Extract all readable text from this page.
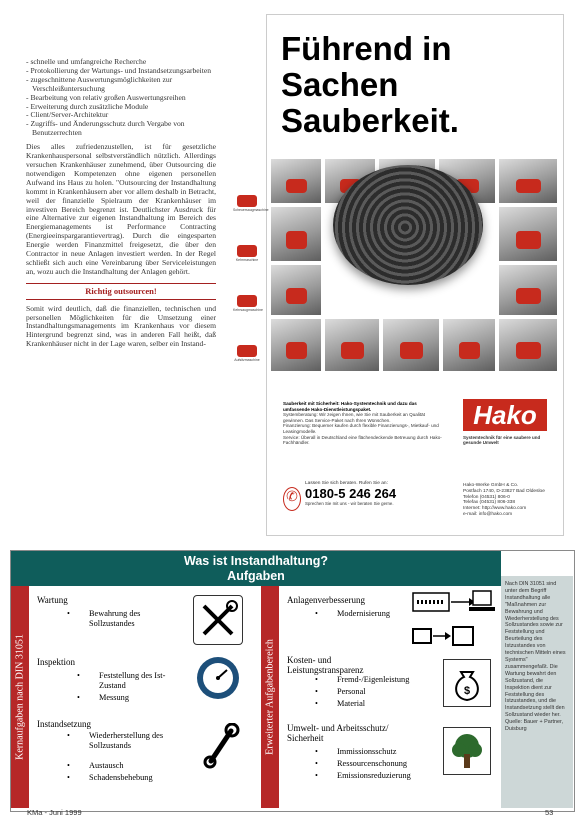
- schnelle und umfangreiche Recherche
- Protokollierung der Wartungs- und Instandsetzungsarbeiten
- zugeschnittene Auswertungsmöglichkeiten zur Verschleißuntersuchung
- Bearbeitung von relativ großen Auswertungsreihen
- Erweiterung durch zusätzliche Module
- Client/Server-Architektur
- Zugriffs- und Änderungsschutz durch Vergabe von Benutzerrechten

Dies alles zufriedenzustellen, ist für gesetzliche Krankenhauspersonal selbstverständlich nützlich. Allerdings versuchen Krankenhäuser zunehmend, über Outsourcing die notwendigen Kompetenzen ohne eigenen personellen Aufwand ins Haus zu holen. "Outsourcing der Instandhaltung kommt in Krankenhäusern aber vor allem deshalb in Betracht, weil der finanzielle Spielraum der Krankenhäuser im investiven Bereich begrenzt ist. Deutlichster Ausdruck für eine Alternative zur eigenen Instandhaltung im Bereich des Energiemanagements ist Performance Contracting (Energieeinspargarantievertrag). Durch die eingesparten Energie werden Finanzmittel freigesetzt, die über den Contractor in neue Anlagen investiert werden. In der Regel schließt sich auch eine Vereinbarung über Serviceleistungen an, wozu auch die Instandhaltung der Anlagen gehört.

Richtig outsourcen!

Somit wird deutlich, daß die finanziellen, technischen und personellen Möglichkeiten für die Umsetzung einer Instandhaltungsmanagements im Krankenhaus vor diesem Hintergrund begrenzt sind, was in anderen Fall heißt, daß Krankenhäuser nicht in der Lage waren, selber ein Instand-

Führend in Sachen Sauberkeit.
Scheuersaugmaschine
Kehrmaschine
Kehrsaugmaschine
Aufsitzmaschine
Sauberkeit mit Sicherheit: Hako-Systemtechnik und dazu das umfassende Hako-Dienstleistungspaket.
Systemberatung: Wir zeigen Ihnen, wie Sie mit Sauberkeit an Qualität gewinnen. Das Service-Paket nach Ihren Wünschen.
Finanzierung: Bequemer kaufen durch flexible Finanzierungs-, Mietkauf- und Leasingmodelle.
Service: Überall in Deutschland eine flächendeckende Betreuung durch Hako-Fachhändler.
Hako
Systemtechnik für eine saubere und gesunde Umwelt
✆
Lassen Sie sich beraten. Rufen Sie an:
0180-5 246 264
Sprechen Sie mit uns - wir beraten Sie gerne.
Hako-Werke GmbH & Co.
Postfach 1740, D-23827 Bad Oldesloe
Telefon (04531) 806-0
Telefax (04531) 806-338
Internet: http://www.hako.com
e-mail: info@hako.com
Was ist Instandhaltung?
Aufgaben
Kernaufgaben nach DIN 31051	Erweiterter Aufgabenbereich
Wartung
• Bewahrung des Sollzustandes
Inspektion
• Feststellung des Ist-Zustand
• Messung
Instandsetzung
• Wiederherstellung des Sollzustands
• Austausch
• Schadensbehebung
Anlagenverbesserung
• Modernisierung
Kosten- und Leistungstransparenz
• Fremd-/Eigenleistung
• Personal
• Material
$
Umwelt- und Arbeitsschutz/ Sicherheit
• Immissionsschutz
• Ressourcenschonung
• Emissionsreduzierung
Nach DIN 31051 sind unter dem Begriff Instandhaltung alle "Maßnahmen zur Bewahrung und Wiederherstellung des Sollzustandes sowie zur Feststellung und Beurteilung des Istzustandes von technischen Mitteln eines Systems" zusammengefaßt. Die Wartung bewahrt den Sollzustand, die Inspektion dient zur Feststellung des Istzustandes, und die Instandsetzung stellt den Sollzustand wieder her. Quelle: Bauer + Partner, Duisburg
KMa - Juni 1999	53
